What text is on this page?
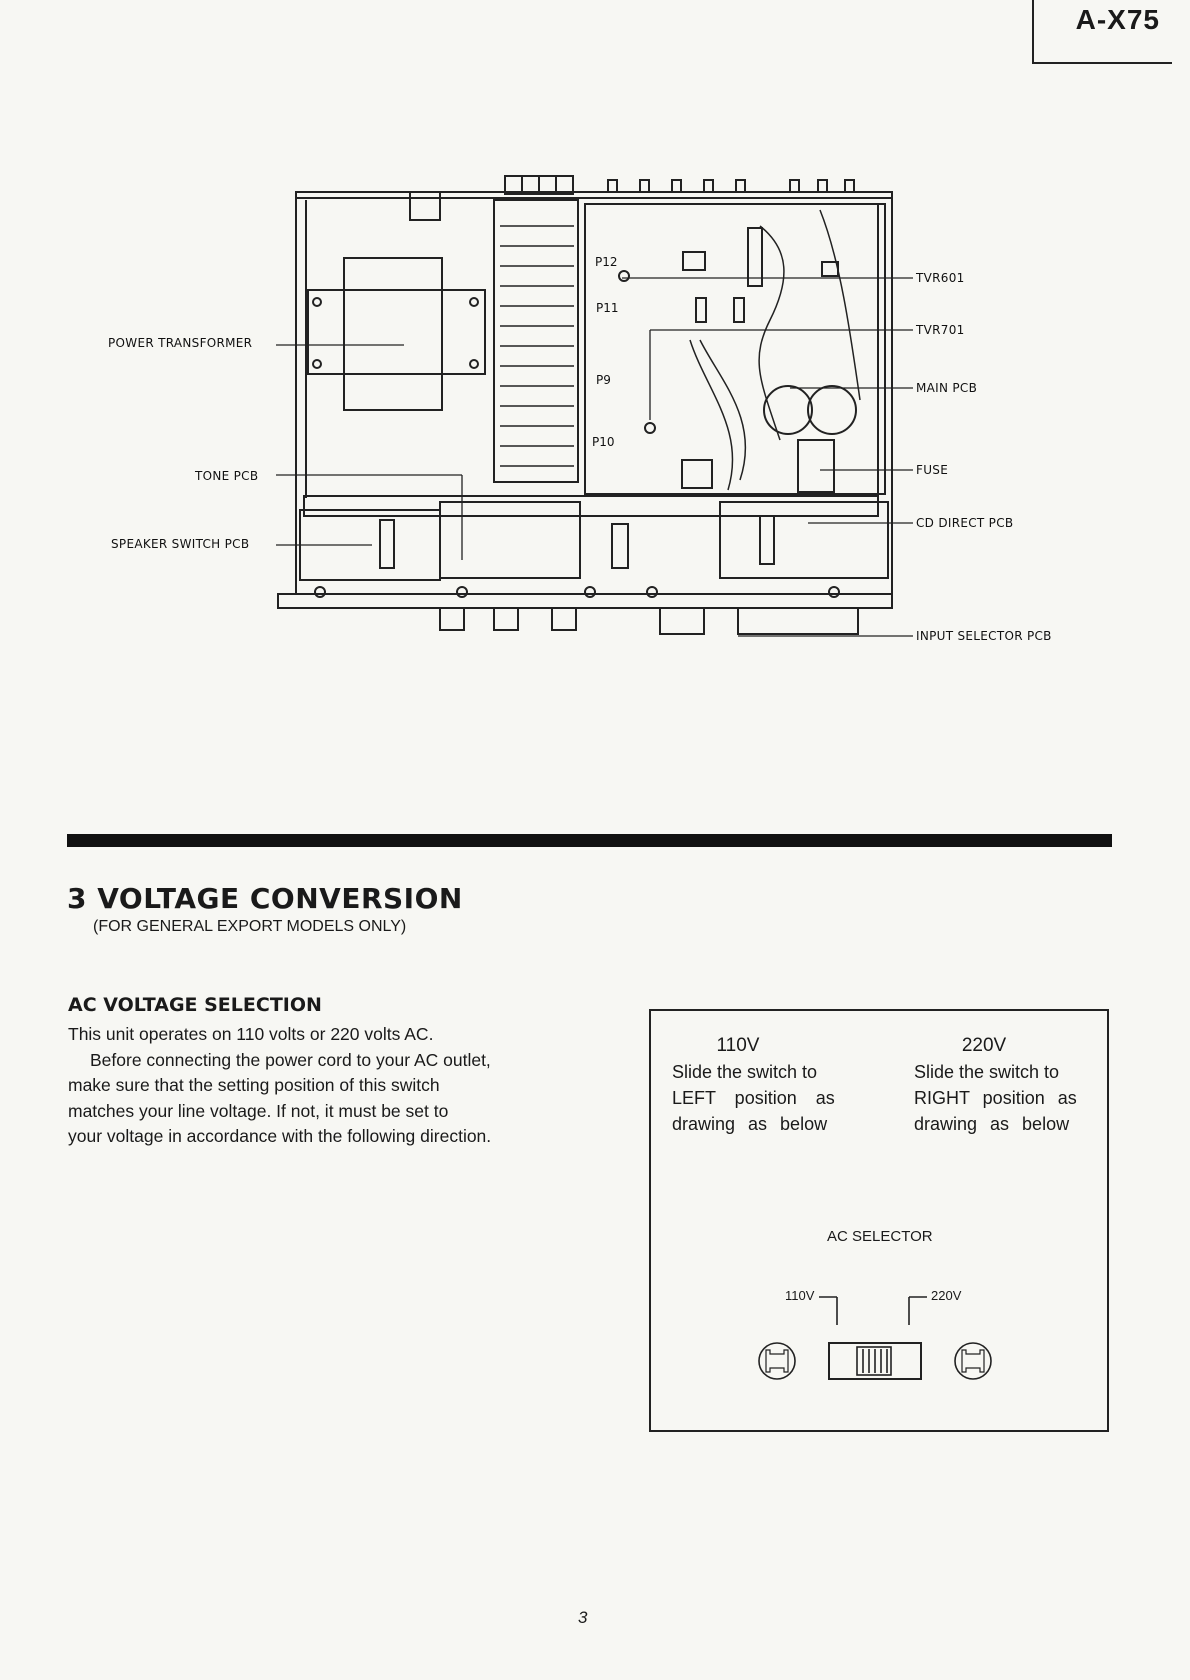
A-X75
P12
P11
P9
P10
POWER TRANSFORMER
TONE PCB
SPEAKER SWITCH PCB
TVR601
TVR701
MAIN PCB
FUSE
CD DIRECT PCB
INPUT SELECTOR PCB
3 VOLTAGE CONVERSION
(FOR GENERAL EXPORT MODELS ONLY)
AC VOLTAGE SELECTION
This unit operates on 110 volts or 220 volts AC.
Before connecting the power cord to your AC outlet,
make sure that the setting position of this switch
matches your line voltage. If not, it must be set to
your voltage in accordance with the following direction.
110V
Slide the switch to
LEFT position as
drawing as below
220V
Slide the switch to
RIGHT position as
drawing as below
AC SELECTOR
110V	220V
3
